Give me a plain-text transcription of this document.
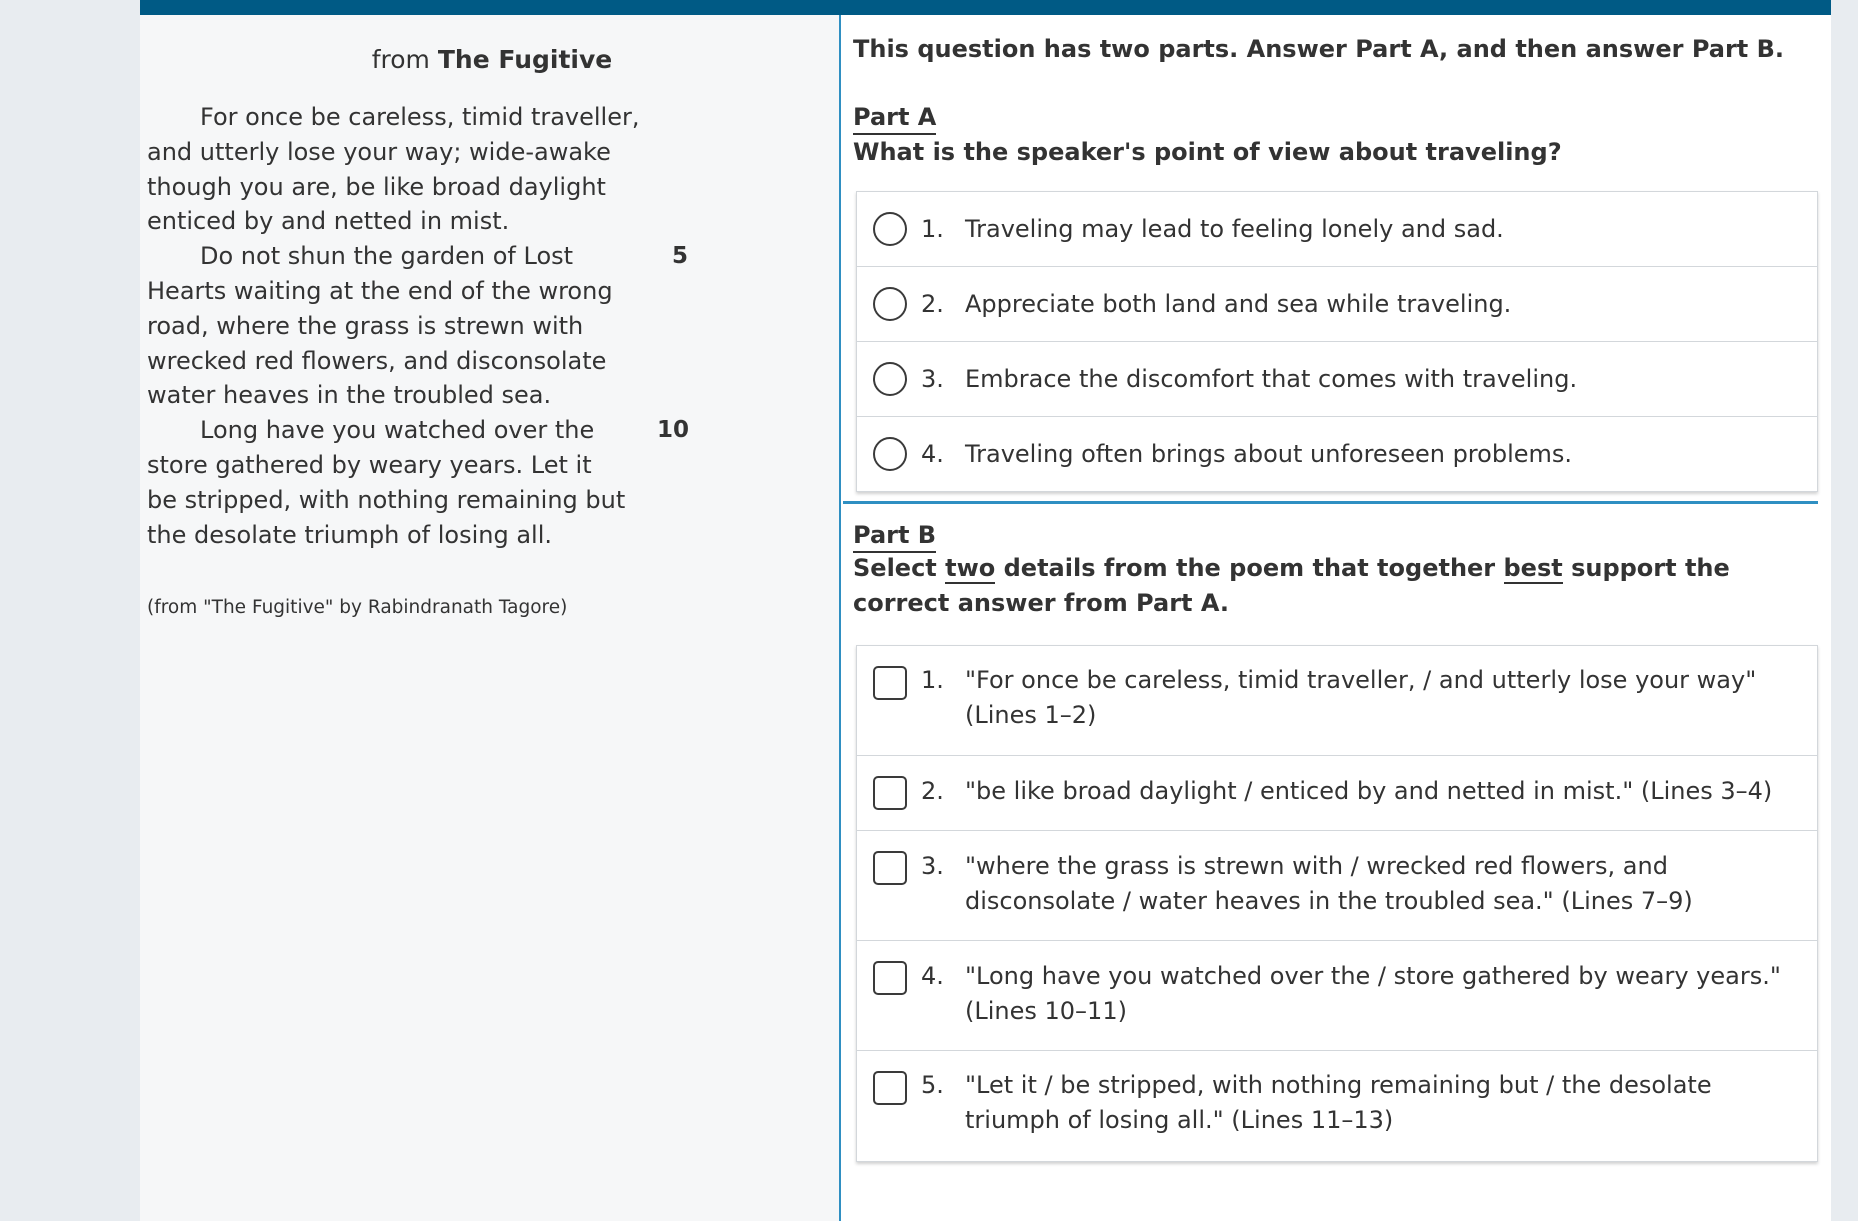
from The Fugitive
For once be careless, timid traveller,
and utterly lose your way; wide-awake
though you are, be like broad daylight
enticed by and netted in mist.
Do not shun the garden of Lost	5
Hearts waiting at the end of the wrong
road, where the grass is strewn with
wrecked red flowers, and disconsolate
water heaves in the troubled sea.
Long have you watched over the	10
store gathered by weary years. Let it
be stripped, with nothing remaining but
the desolate triumph of losing all.
(from "The Fugitive" by Rabindranath Tagore)
This question has two parts. Answer Part A, and then answer Part B.
Part A
What is the speaker's point of view about traveling?
1. Traveling may lead to feeling lonely and sad.
2. Appreciate both land and sea while traveling.
3. Embrace the discomfort that comes with traveling.
4. Traveling often brings about unforeseen problems.
Part B
Select two details from the poem that together best support the correct answer from Part A.
1. "For once be careless, timid traveller, / and utterly lose your way" (Lines 1–2)
2. "be like broad daylight / enticed by and netted in mist." (Lines 3–4)
3. "where the grass is strewn with / wrecked red flowers, and disconsolate / water heaves in the troubled sea." (Lines 7–9)
4. "Long have you watched over the / store gathered by weary years." (Lines 10–11)
5. "Let it / be stripped, with nothing remaining but / the desolate triumph of losing all." (Lines 11–13)
